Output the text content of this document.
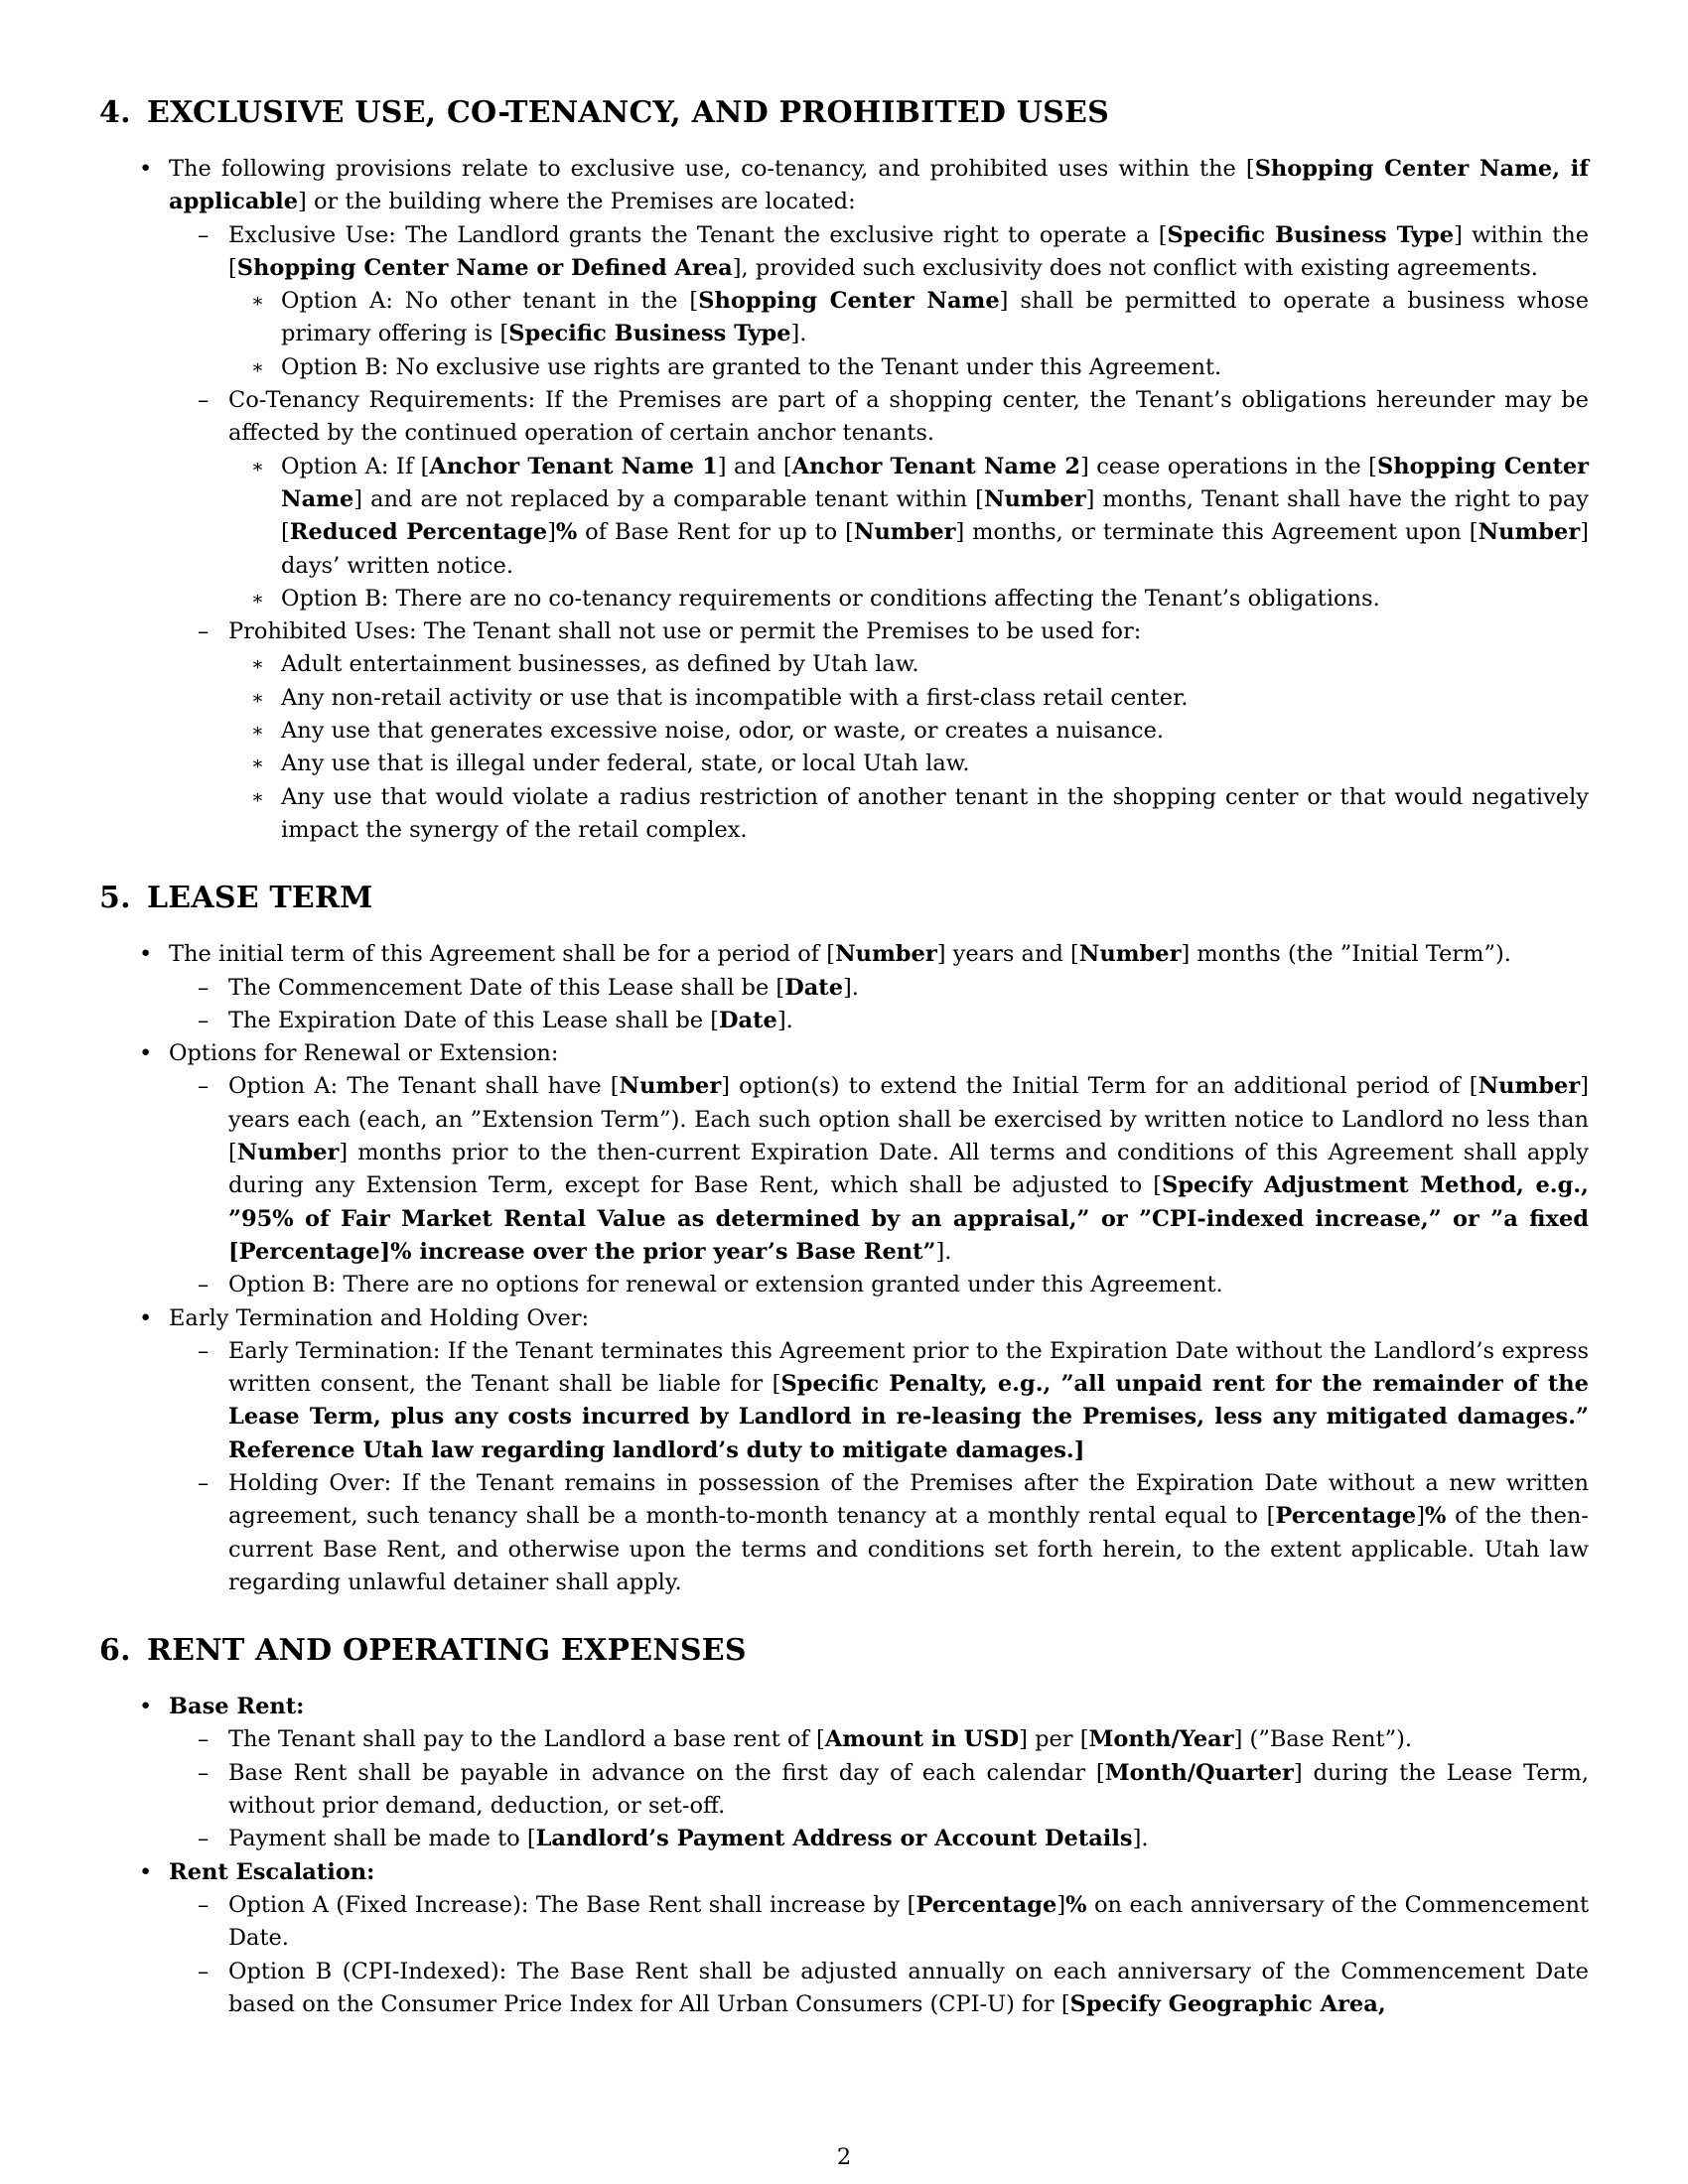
4. EXCLUSIVE USE, CO-TENANCY, AND PROHIBITED USES
• The following provisions relate to exclusive use, co-tenancy, and prohibited uses within the [Shopping Center Name, if applicable] or the building where the Premises are located:
– Exclusive Use: The Landlord grants the Tenant the exclusive right to operate a [Specific Business Type] within the [Shopping Center Name or Defined Area], provided such exclusivity does not conflict with existing agreements.
∗ Option A: No other tenant in the [Shopping Center Name] shall be permitted to operate a business whose primary offering is [Specific Business Type].
∗ Option B: No exclusive use rights are granted to the Tenant under this Agreement.
– Co-Tenancy Requirements: If the Premises are part of a shopping center, the Tenant’s obligations hereunder may be affected by the continued operation of certain anchor tenants.
∗ Option A: If [Anchor Tenant Name 1] and [Anchor Tenant Name 2] cease operations in the [Shopping Center Name] and are not replaced by a comparable tenant within [Number] months, Tenant shall have the right to pay [Reduced Percentage]% of Base Rent for up to [Number] months, or terminate this Agreement upon [Number] days’ written notice.
∗ Option B: There are no co-tenancy requirements or conditions affecting the Tenant’s obligations.
– Prohibited Uses: The Tenant shall not use or permit the Premises to be used for:
∗ Adult entertainment businesses, as defined by Utah law.
∗ Any non-retail activity or use that is incompatible with a first-class retail center.
∗ Any use that generates excessive noise, odor, or waste, or creates a nuisance.
∗ Any use that is illegal under federal, state, or local Utah law.
∗ Any use that would violate a radius restriction of another tenant in the shopping center or that would negatively impact the synergy of the retail complex.
5. LEASE TERM
• The initial term of this Agreement shall be for a period of [Number] years and [Number] months (the ”Initial Term”).
– The Commencement Date of this Lease shall be [Date].
– The Expiration Date of this Lease shall be [Date].
• Options for Renewal or Extension:
– Option A: The Tenant shall have [Number] option(s) to extend the Initial Term for an additional period of [Number] years each (each, an ”Extension Term”). Each such option shall be exercised by written notice to Landlord no less than [Number] months prior to the then-current Expiration Date. All terms and conditions of this Agreement shall apply during any Extension Term, except for Base Rent, which shall be adjusted to [Specify Adjustment Method, e.g., ”95% of Fair Market Rental Value as determined by an appraisal,” or ”CPI-indexed increase,” or ”a fixed [Percentage]% increase over the prior year’s Base Rent”].
– Option B: There are no options for renewal or extension granted under this Agreement.
• Early Termination and Holding Over:
– Early Termination: If the Tenant terminates this Agreement prior to the Expiration Date without the Landlord’s express written consent, the Tenant shall be liable for [Specific Penalty, e.g., ”all unpaid rent for the remainder of the Lease Term, plus any costs incurred by Landlord in re-leasing the Premises, less any mitigated damages.” Reference Utah law regarding landlord’s duty to mitigate damages.]
– Holding Over: If the Tenant remains in possession of the Premises after the Expiration Date without a new written agreement, such tenancy shall be a month-to-month tenancy at a monthly rental equal to [Percentage]% of the then-current Base Rent, and otherwise upon the terms and conditions set forth herein, to the extent applicable. Utah law regarding unlawful detainer shall apply.
6. RENT AND OPERATING EXPENSES
• Base Rent:
– The Tenant shall pay to the Landlord a base rent of [Amount in USD] per [Month/Year] (”Base Rent”).
– Base Rent shall be payable in advance on the first day of each calendar [Month/Quarter] during the Lease Term, without prior demand, deduction, or set-off.
– Payment shall be made to [Landlord’s Payment Address or Account Details].
• Rent Escalation:
– Option A (Fixed Increase): The Base Rent shall increase by [Percentage]% on each anniversary of the Commencement Date.
– Option B (CPI-Indexed): The Base Rent shall be adjusted annually on each anniversary of the Commencement Date based on the Consumer Price Index for All Urban Consumers (CPI-U) for [Specify Geographic Area,
2
